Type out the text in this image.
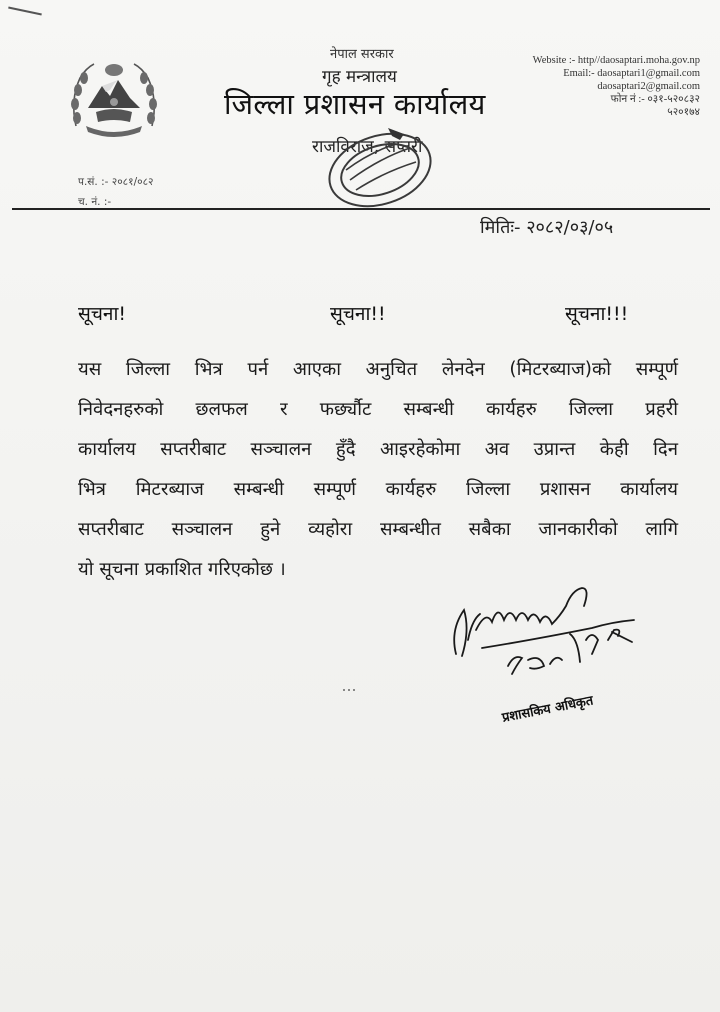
नेपाल सरकार
गृह मन्त्रालय
जिल्ला प्रशासन कार्यालय
राजविराज, सप्तरी
Website :- http//daosaptari.moha.gov.np
Email:- daosaptari1@gmail.com
daosaptari2@gmail.com
फोन नं :- ०३१-५२०८३२
५२०१७४
प.सं. :- २०८१/०८२
च. नं. :-
मितिः- २०८२/०३/०५
सूचना!	सूचना!!	सूचना!!!
यस जिल्ला भित्र पर्न आएका अनुचित लेनदेन (मिटरब्याज)को सम्पूर्ण
निवेदनहरुको छलफल र फर्छ्यौट सम्बन्धी कार्यहरु जिल्ला प्रहरी
कार्यालय सप्तरीबाट सञ्चालन हुँदै आइरहेकोमा अव उप्रान्त केही दिन
भित्र मिटरब्याज सम्बन्धी सम्पूर्ण कार्यहरु जिल्ला प्रशासन कार्यालय
सप्तरीबाट सञ्चालन हुने व्यहोरा सम्बन्धीत सबैका जानकारीको लागि
यो सूचना प्रकाशित गरिएकोछ ।
प्रशासकिय अधिकृत
